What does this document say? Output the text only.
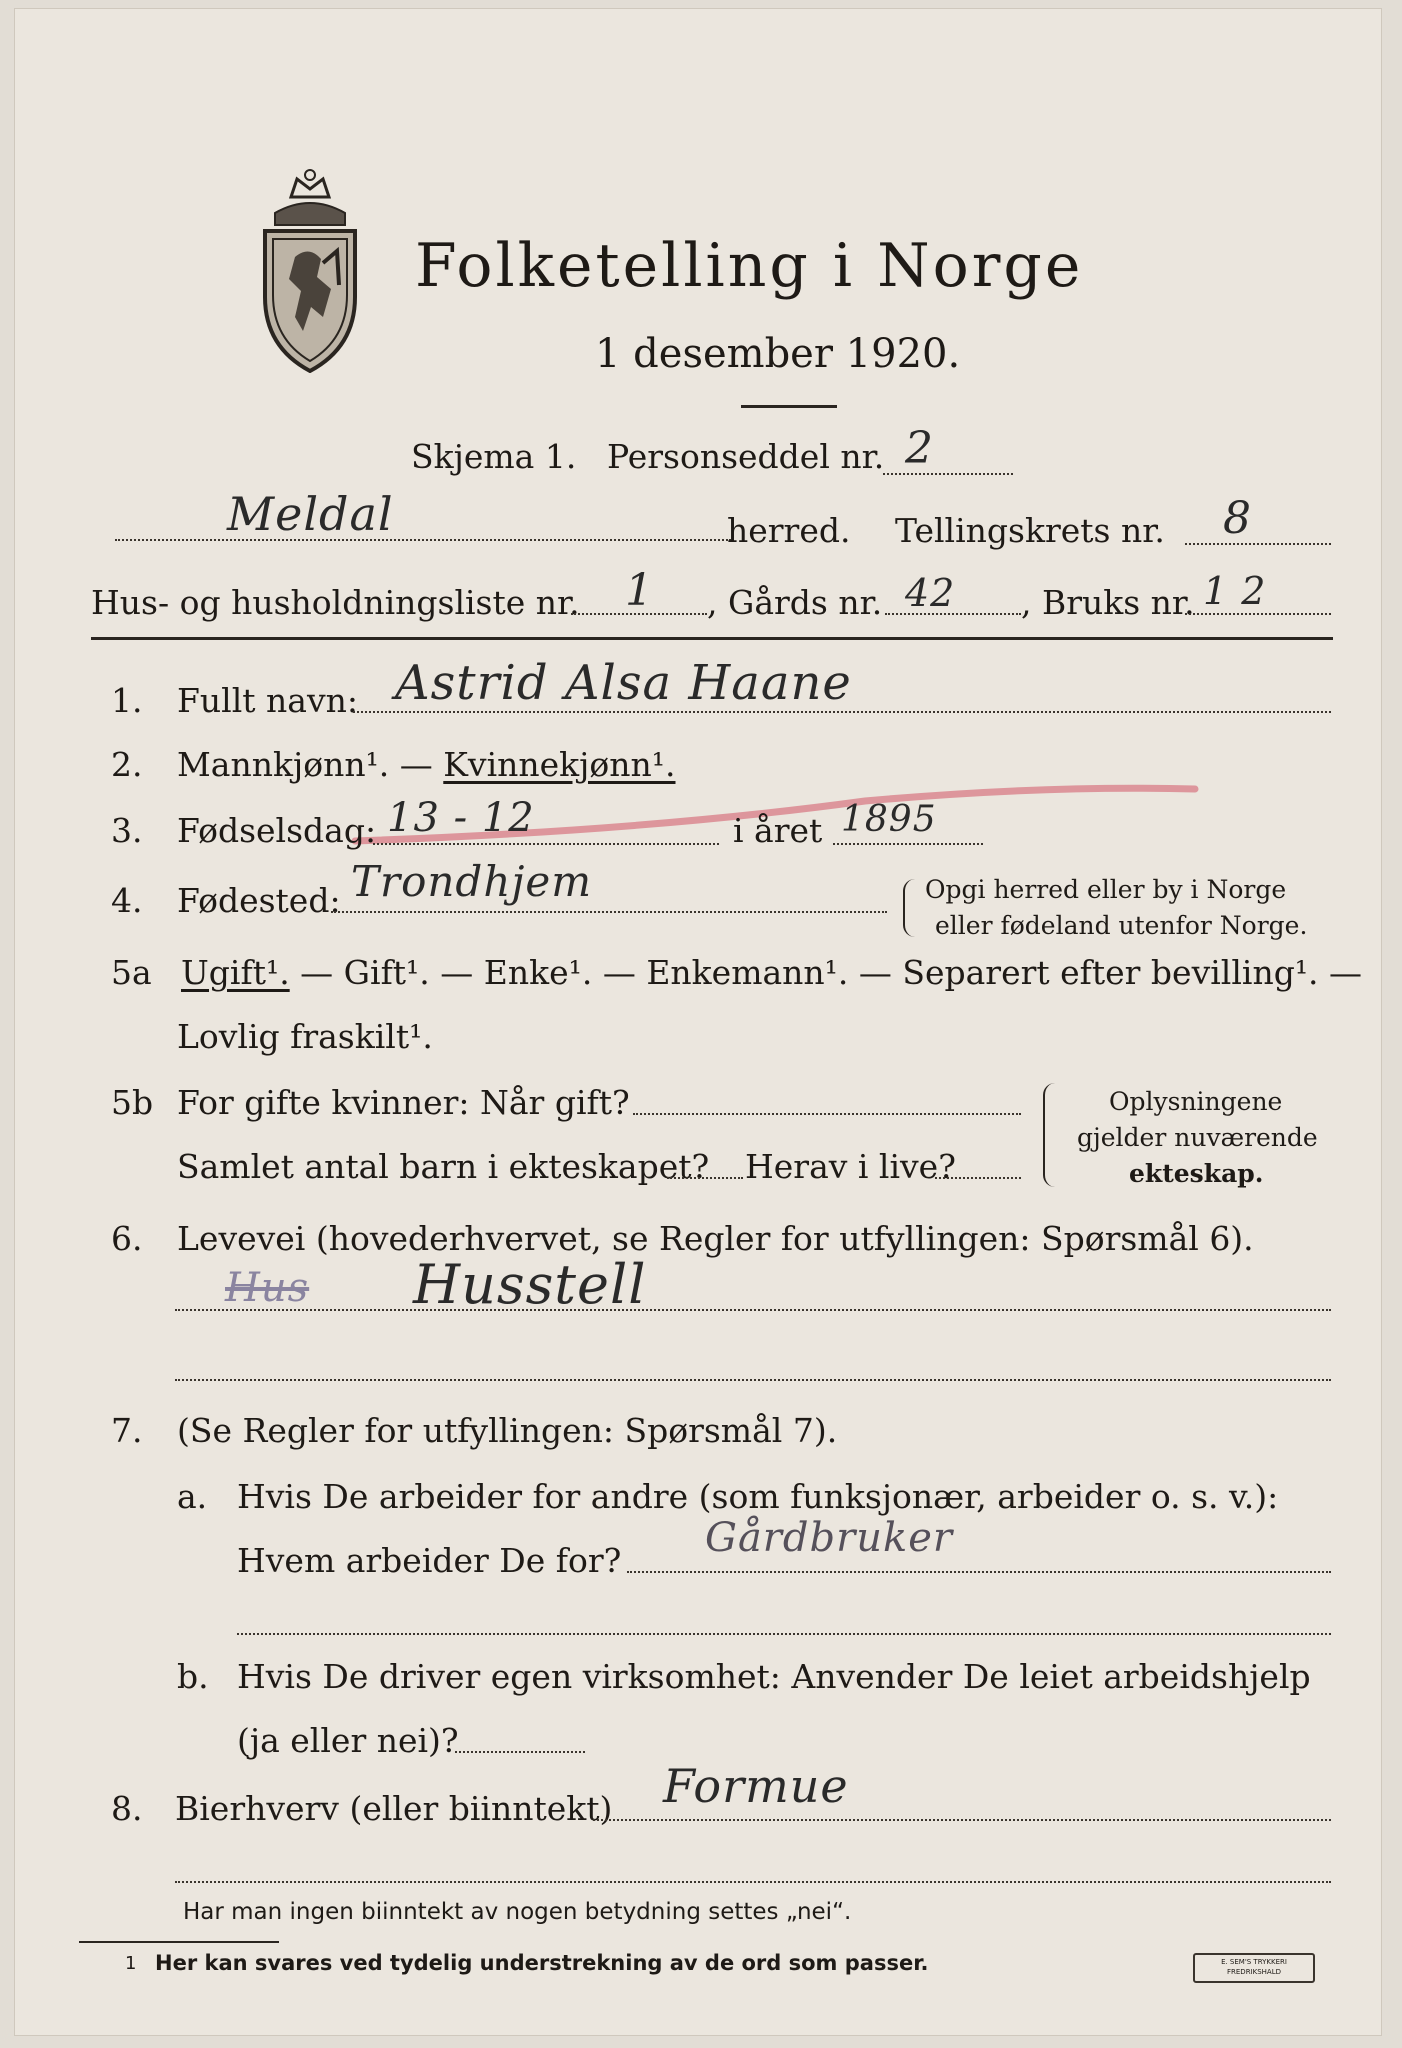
Folketelling i Norge
1 desember 1920.
Skjema 1. Personseddel nr. 2
Meldal	herred. Tellingskrets nr. 8
Hus- og husholdningsliste nr. 1 , Gårds nr. 42 , Bruks nr. 1 2
1. Fullt navn: Astrid Alsa Haane
2. Mannkjønn¹. — Kvinnekjønn¹.
3. Fødselsdag: 13 - 12	i året 1895
4. Fødested: Trondhjem	Opgi herred eller by i Norge
eller fødeland utenfor Norge.
5a Ugift¹. — Gift¹. — Enke¹. — Enkemann¹. — Separert efter bevilling¹. —
Lovlig fraskilt¹.
5b For gifte kvinner: Når gift?
Samlet antal barn i ekteskapet? Herav i live?
Oplysningene
gjelder nuværende
ekteskap.
6. Levevei (hovederhvervet, se Regler for utfyllingen: Spørsmål 6).
Hus Husstell
7. (Se Regler for utfyllingen: Spørsmål 7).
a. Hvis De arbeider for andre (som funksjonær, arbeider o. s. v.):
Hvem arbeider De for? Gårdbruker
b. Hvis De driver egen virksomhet: Anvender De leiet arbeidshjelp
(ja eller nei)?
8. Bierhverv (eller biinntekt) Formue
Har man ingen biinntekt av nogen betydning settes „nei“.
1 Her kan svares ved tydelig understrekning av de ord som passer.	E. SEM'S TRYKKERI
FREDRIKSHALD
